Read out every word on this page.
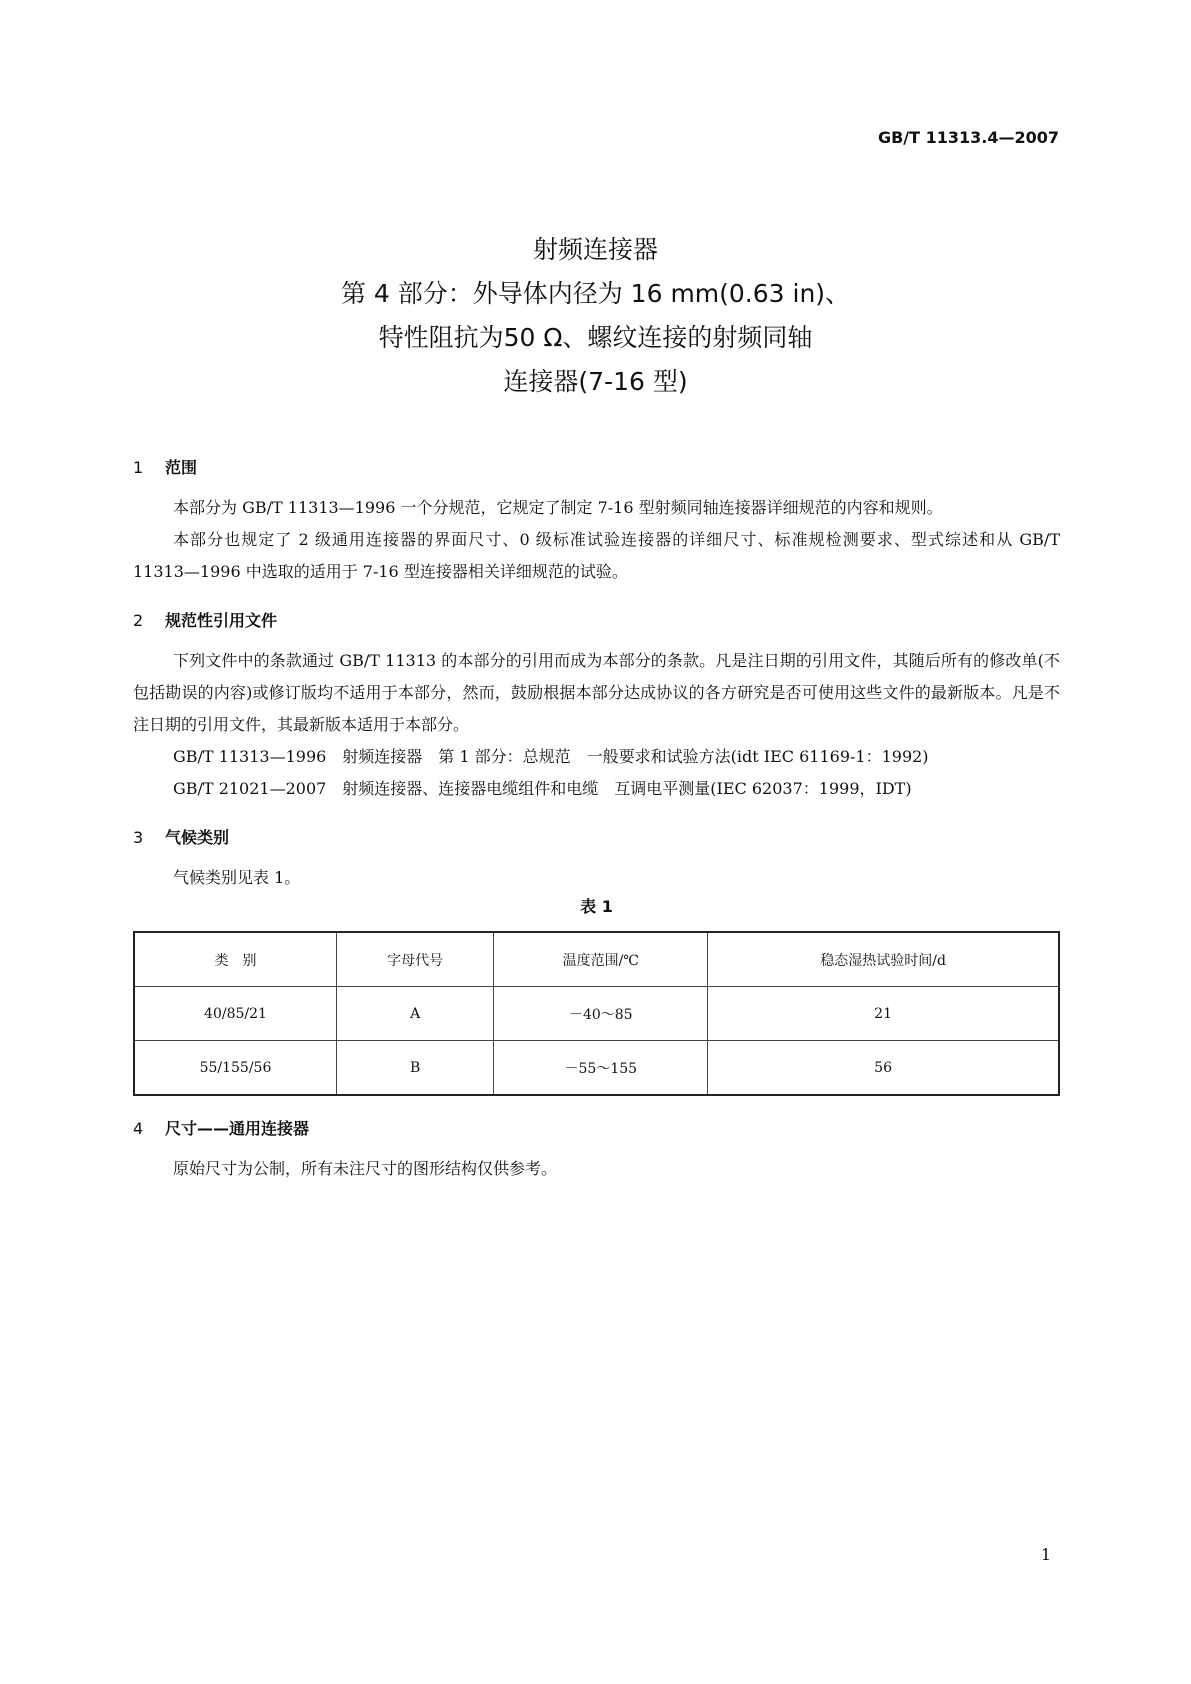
GB/T 11313.4—2007
射频连接器
第 4 部分：外导体内径为 16 mm(0.63 in)、
特性阻抗为50 Ω、螺纹连接的射频同轴
连接器(7-16 型)
1 范围

本部分为 GB/T 11313—1996 一个分规范，它规定了制定 7-16 型射频同轴连接器详细规范的内容和规则。

本部分也规定了 2 级通用连接器的界面尺寸、0 级标准试验连接器的详细尺寸、标准规检测要求、型式综述和从 GB/T 11313—1996 中选取的适用于 7-16 型连接器相关详细规范的试验。

2 规范性引用文件

下列文件中的条款通过 GB/T 11313 的本部分的引用而成为本部分的条款。凡是注日期的引用文件，其随后所有的修改单(不包括勘误的内容)或修订版均不适用于本部分，然而，鼓励根据本部分达成协议的各方研究是否可使用这些文件的最新版本。凡是不注日期的引用文件，其最新版本适用于本部分。

GB/T 11313—1996　射频连接器　第 1 部分：总规范　一般要求和试验方法(idt IEC 61169-1：1992)

GB/T 21021—2007　射频连接器、连接器电缆组件和电缆　互调电平测量(IEC 62037：1999，IDT)

3 气候类别

气候类别见表 1。

表 1
类　别	字母代号	温度范围/℃	稳态湿热试验时间/d
40/85/21	A	－40～85	21
55/155/56	B	－55～155	56
4 尺寸——通用连接器

原始尺寸为公制，所有未注尺寸的图形结构仅供参考。

1
